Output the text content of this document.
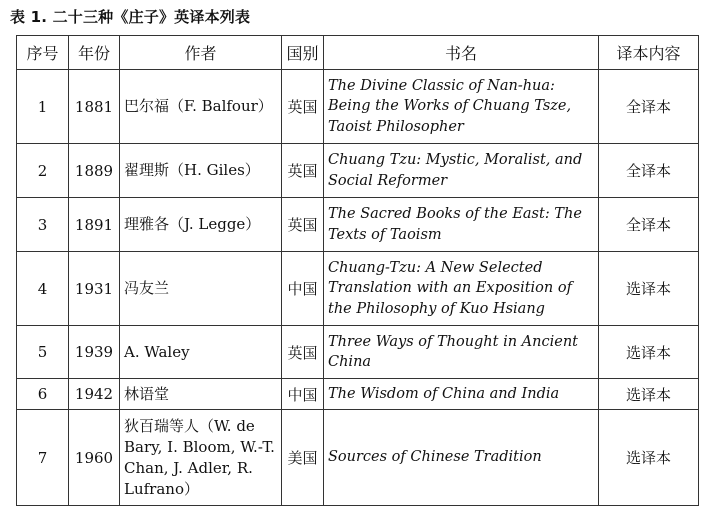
表 1. 二十三种《庄子》英译本列表
序号	年份	作者	国别	书名	译本内容
1	1881	巴尔福（F. Balfour）	英国	The Divine Classic of Nan-hua: Being the Works of Chuang Tsze, Taoist Philosopher	全译本
2	1889	翟理斯（H. Giles）	英国	Chuang Tzu: Mystic, Moralist, and Social Reformer	全译本
3	1891	理雅各（J. Legge）	英国	The Sacred Books of the East: The Texts of Taoism	全译本
4	1931	冯友兰	中国	Chuang-Tzu: A New Selected Translation with an Exposition of the Philosophy of Kuo Hsiang	选译本
5	1939	A. Waley	英国	Three Ways of Thought in Ancient China	选译本
6	1942	林语堂	中国	The Wisdom of China and India	选译本
7	1960	狄百瑞等人（W. de Bary, I. Bloom, W.-T. Chan, J. Adler, R. Lufrano）	美国	Sources of Chinese Tradition	选译本
